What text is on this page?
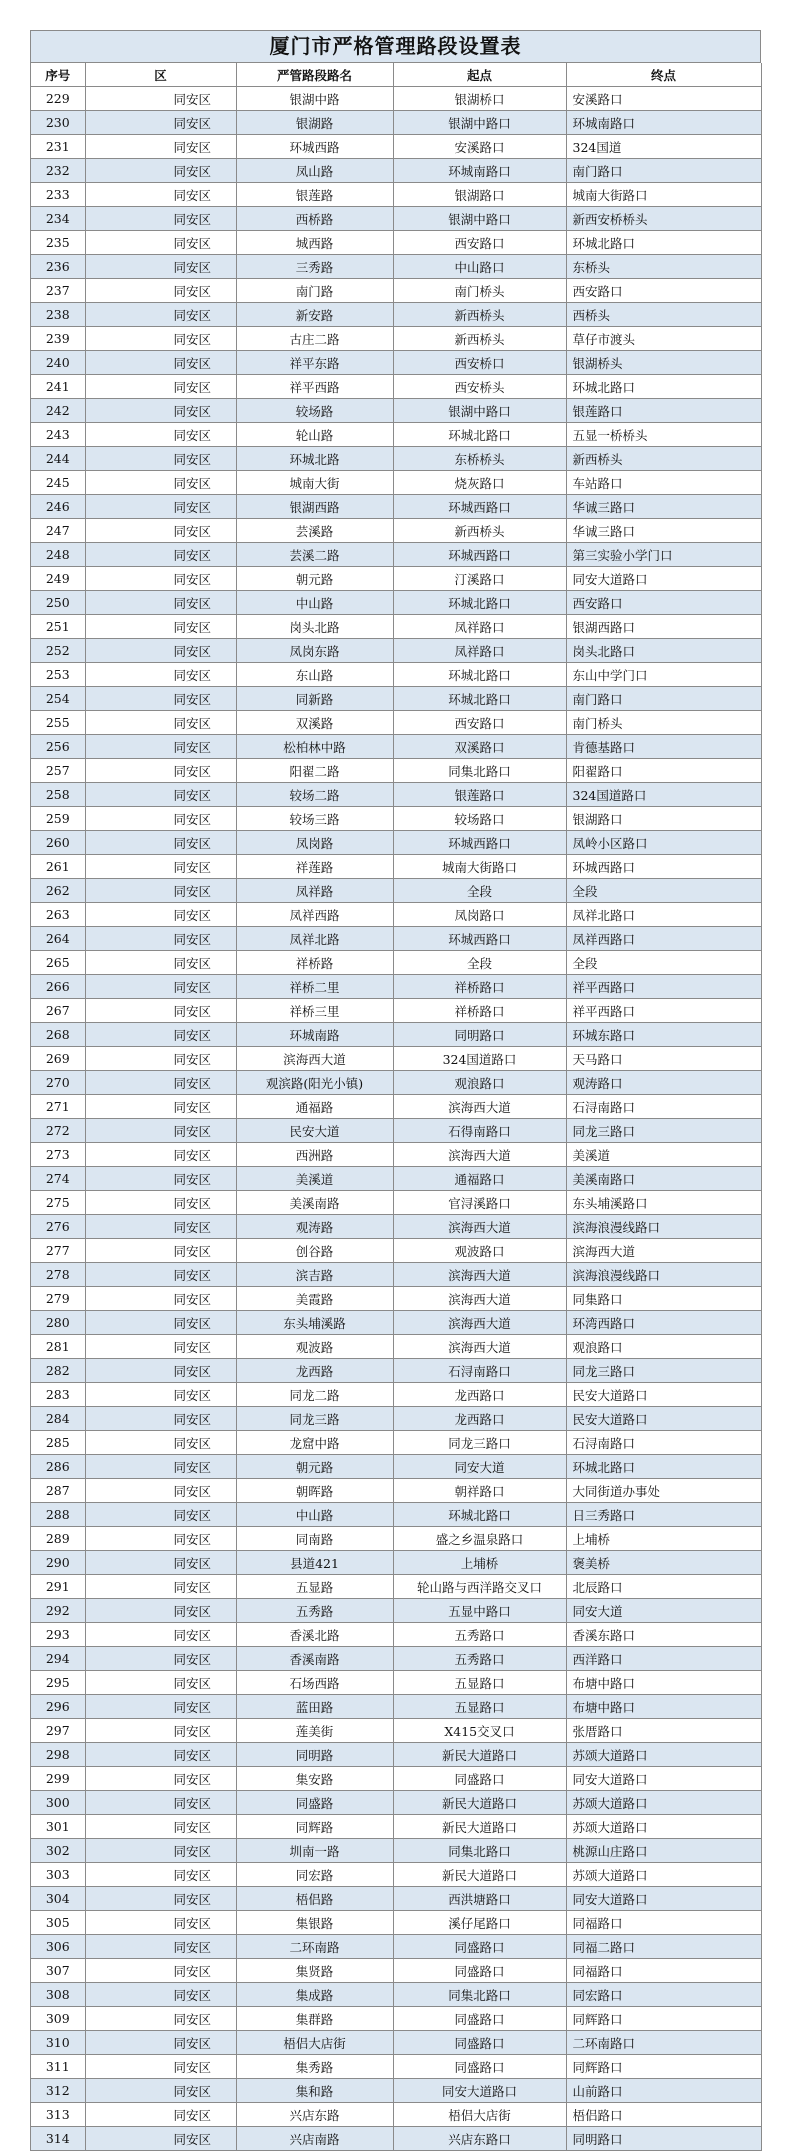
厦门市严格管理路段设置表
序号	区	严管路段路名	起点	终点
229	同安区	银湖中路	银湖桥口	安溪路口
230	同安区	银湖路	银湖中路口	环城南路口
231	同安区	环城西路	安溪路口	324国道
232	同安区	凤山路	环城南路口	南门路口
233	同安区	银莲路	银湖路口	城南大街路口
234	同安区	西桥路	银湖中路口	新西安桥桥头
235	同安区	城西路	西安路口	环城北路口
236	同安区	三秀路	中山路口	东桥头
237	同安区	南门路	南门桥头	西安路口
238	同安区	新安路	新西桥头	西桥头
239	同安区	古庄二路	新西桥头	草仔市渡头
240	同安区	祥平东路	西安桥口	银湖桥头
241	同安区	祥平西路	西安桥头	环城北路口
242	同安区	较场路	银湖中路口	银莲路口
243	同安区	轮山路	环城北路口	五显一桥桥头
244	同安区	环城北路	东桥桥头	新西桥头
245	同安区	城南大街	烧灰路口	车站路口
246	同安区	银湖西路	环城西路口	华诚三路口
247	同安区	芸溪路	新西桥头	华诚三路口
248	同安区	芸溪二路	环城西路口	第三实验小学门口
249	同安区	朝元路	汀溪路口	同安大道路口
250	同安区	中山路	环城北路口	西安路口
251	同安区	岗头北路	凤祥路口	银湖西路口
252	同安区	凤岗东路	凤祥路口	岗头北路口
253	同安区	东山路	环城北路口	东山中学门口
254	同安区	同新路	环城北路口	南门路口
255	同安区	双溪路	西安路口	南门桥头
256	同安区	松柏林中路	双溪路口	肯德基路口
257	同安区	阳翟二路	同集北路口	阳翟路口
258	同安区	较场二路	银莲路口	324国道路口
259	同安区	较场三路	较场路口	银湖路口
260	同安区	凤岗路	环城西路口	凤岭小区路口
261	同安区	祥莲路	城南大街路口	环城西路口
262	同安区	凤祥路	全段	全段
263	同安区	凤祥西路	凤岗路口	凤祥北路口
264	同安区	凤祥北路	环城西路口	凤祥西路口
265	同安区	祥桥路	全段	全段
266	同安区	祥桥二里	祥桥路口	祥平西路口
267	同安区	祥桥三里	祥桥路口	祥平西路口
268	同安区	环城南路	同明路口	环城东路口
269	同安区	滨海西大道	324国道路口	天马路口
270	同安区	观滨路(阳光小镇)	观浪路口	观涛路口
271	同安区	通福路	滨海西大道	石浔南路口
272	同安区	民安大道	石得南路口	同龙三路口
273	同安区	西洲路	滨海西大道	美溪道
274	同安区	美溪道	通福路口	美溪南路口
275	同安区	美溪南路	官浔溪路口	东头埔溪路口
276	同安区	观涛路	滨海西大道	滨海浪漫线路口
277	同安区	创谷路	观波路口	滨海西大道
278	同安区	滨吉路	滨海西大道	滨海浪漫线路口
279	同安区	美霞路	滨海西大道	同集路口
280	同安区	东头埔溪路	滨海西大道	环湾西路口
281	同安区	观波路	滨海西大道	观浪路口
282	同安区	龙西路	石浔南路口	同龙三路口
283	同安区	同龙二路	龙西路口	民安大道路口
284	同安区	同龙三路	龙西路口	民安大道路口
285	同安区	龙窟中路	同龙三路口	石浔南路口
286	同安区	朝元路	同安大道	环城北路口
287	同安区	朝晖路	朝祥路口	大同街道办事处
288	同安区	中山路	环城北路口	日三秀路口
289	同安区	同南路	盛之乡温泉路口	上埔桥
290	同安区	县道421	上埔桥	褒美桥
291	同安区	五显路	轮山路与西洋路交叉口	北辰路口
292	同安区	五秀路	五显中路口	同安大道
293	同安区	香溪北路	五秀路口	香溪东路口
294	同安区	香溪南路	五秀路口	西洋路口
295	同安区	石场西路	五显路口	布塘中路口
296	同安区	蓝田路	五显路口	布塘中路口
297	同安区	莲美街	X415交叉口	张厝路口
298	同安区	同明路	新民大道路口	苏颂大道路口
299	同安区	集安路	同盛路口	同安大道路口
300	同安区	同盛路	新民大道路口	苏颂大道路口
301	同安区	同辉路	新民大道路口	苏颂大道路口
302	同安区	圳南一路	同集北路口	桃源山庄路口
303	同安区	同宏路	新民大道路口	苏颂大道路口
304	同安区	梧侣路	西洪塘路口	同安大道路口
305	同安区	集银路	溪仔尾路口	同福路口
306	同安区	二环南路	同盛路口	同福二路口
307	同安区	集贤路	同盛路口	同福路口
308	同安区	集成路	同集北路口	同宏路口
309	同安区	集群路	同盛路口	同辉路口
310	同安区	梧侣大店街	同盛路口	二环南路口
311	同安区	集秀路	同盛路口	同辉路口
312	同安区	集和路	同安大道路口	山前路口
313	同安区	兴店东路	梧侣大店街	梧侣路口
314	同安区	兴店南路	兴店东路口	同明路口
